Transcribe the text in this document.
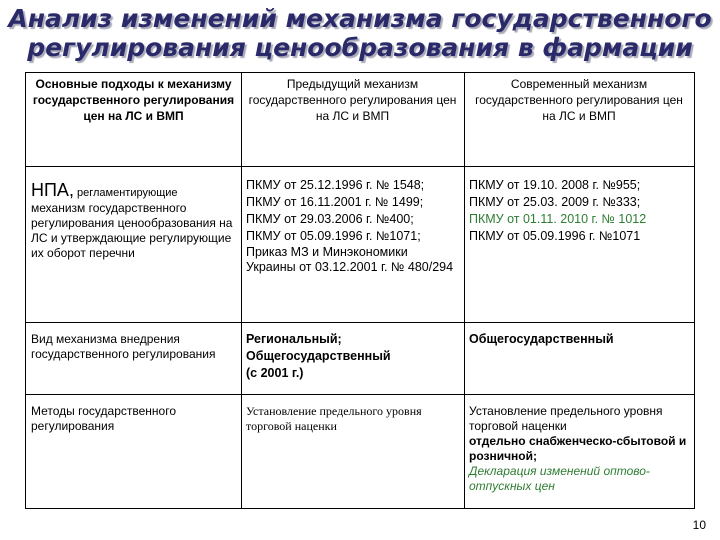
Анализ изменений механизма государственного
регулирования ценообразования в фармации
Основные подходы к механизму государственного регулирования цен на ЛС и ВМП
Предыдущий механизм государственного регулирования цен на ЛС и ВМП
Современный механизм государственного регулирования цен на ЛС и ВМП
НПА, регламентирующие
механизм государственного регулирования ценообразования на ЛС и утверждающие регулирующие их оборот перечни
ПКМУ от 25.12.1996 г. № 1548;
ПКМУ от 16.11.2001 г. № 1499;
ПКМУ от 29.03.2006 г. №400;
ПКМУ от 05.09.1996 г. №1071;
Приказ МЗ и Минэкономики Украины от 03.12.2001 г. № 480/294
ПКМУ от 19.10. 2008 г. №955;
ПКМУ от 25.03. 2009 г. №333;
ПКМУ от 01.11. 2010 г. № 1012
ПКМУ от 05.09.1996 г. №1071
Вид механизма внедрения государственного регулирования
Региональный;
Общегосударственный
(с 2001 г.)
Общегосударственный
Методы государственного регулирования
Установление предельного уровня торговой наценки
Установление предельного уровня торговой наценки
отдельно снабженческо-сбытовой и розничной;
Декларация изменений оптово-отпускных цен
10
